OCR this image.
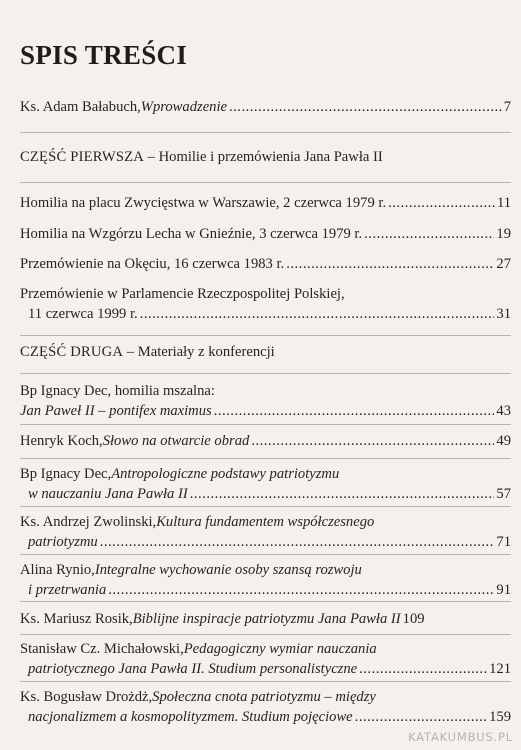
SPIS TREŚCI
Ks. Adam Bałabuch, Wprowadzenie .....	7
CZĘŚĆ PIERWSZA – Homilie i przemówienia Jana Pawła II
Homilia na placu Zwycięstwa w Warszawie, 2 czerwca 1979 r. .....	11
Homilia na Wzgórzu Lecha w Gnieźnie, 3 czerwca 1979 r. .....	19
Przemówienie na Okęciu, 16 czerwca 1983 r. .....	27
Przemówienie w Parlamencie Rzeczpospolitej Polskiej,
11 czerwca 1999 r. .....	31
CZĘŚĆ DRUGA – Materiały z konferencji
Bp Ignacy Dec, homilia mszalna:
Jan Paweł II – pontifex maximus .....	43
Henryk Koch, Słowo na otwarcie obrad .....	49
Bp Ignacy Dec, Antropologiczne podstawy patriotyzmu
w nauczaniu Jana Pawła II .....	57
Ks. Andrzej Zwolinski, Kultura fundamentem współczesnego
patriotyzmu .....	71
Alina Rynio, Integralne wychowanie osoby szansą rozwoju
i przetrwania .....	91
Ks. Mariusz Rosik, Biblijne inspiracje patriotyzmu Jana Pawła II 109
Stanisław Cz. Michałowski, Pedagogiczny wymiar nauczania
patriotycznego Jana Pawła II. Studium personalistyczne .....	121
Ks. Bogusław Drożdż, Społeczna cnota patriotyzmu – między
nacjonalizmem a kosmopolityzmem. Studium pojęciowe .....	159
KATAKUMBUS.PL
